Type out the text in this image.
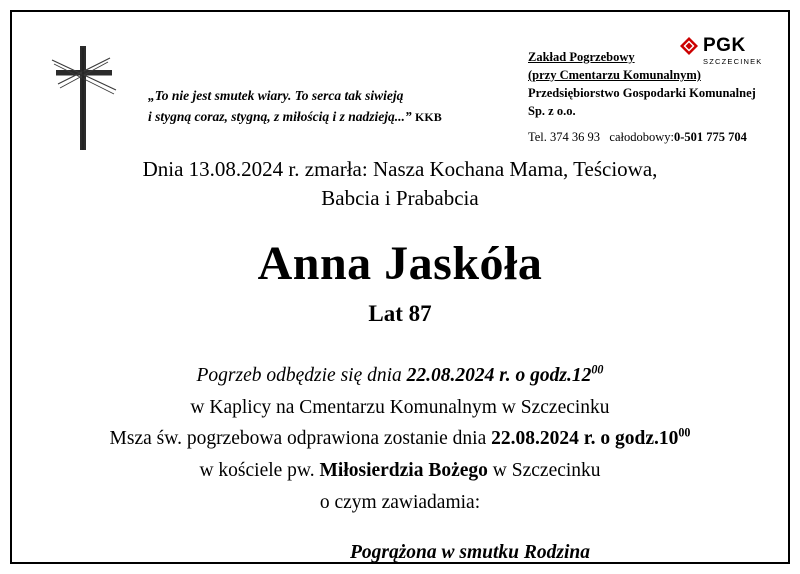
„To nie jest smutek wiary. To serca tak siwieją
i stygną coraz, stygną, z miłością i z nadzieją...” KKB
PGK
SZCZECINEK
Zakład Pogrzebowy
(przy Cmentarzu Komunalnym)
Przedsiębiorstwo Gospodarki Komunalnej
Sp. z o.o.
Tel. 374 36 93 całodobowy:0-501 775 704
Dnia 13.08.2024 r. zmarła: Nasza Kochana Mama, Teściowa,
Babcia i Prababcia
Anna Jaskóła
Lat 87
Pogrzeb odbędzie się dnia 22.08.2024 r. o $godz.12^{00}$
w Kaplicy na Cmentarzu Komunalnym w Szczecinku
Msza św. pogrzebowa odprawiona zostanie dnia 22.08.2024 r. o $godz.10^{00}$
w kościele pw. Miłosierdzia Bożego w Szczecinku
o czym zawiadamia:
Pogrążona w smutku Rodzina
